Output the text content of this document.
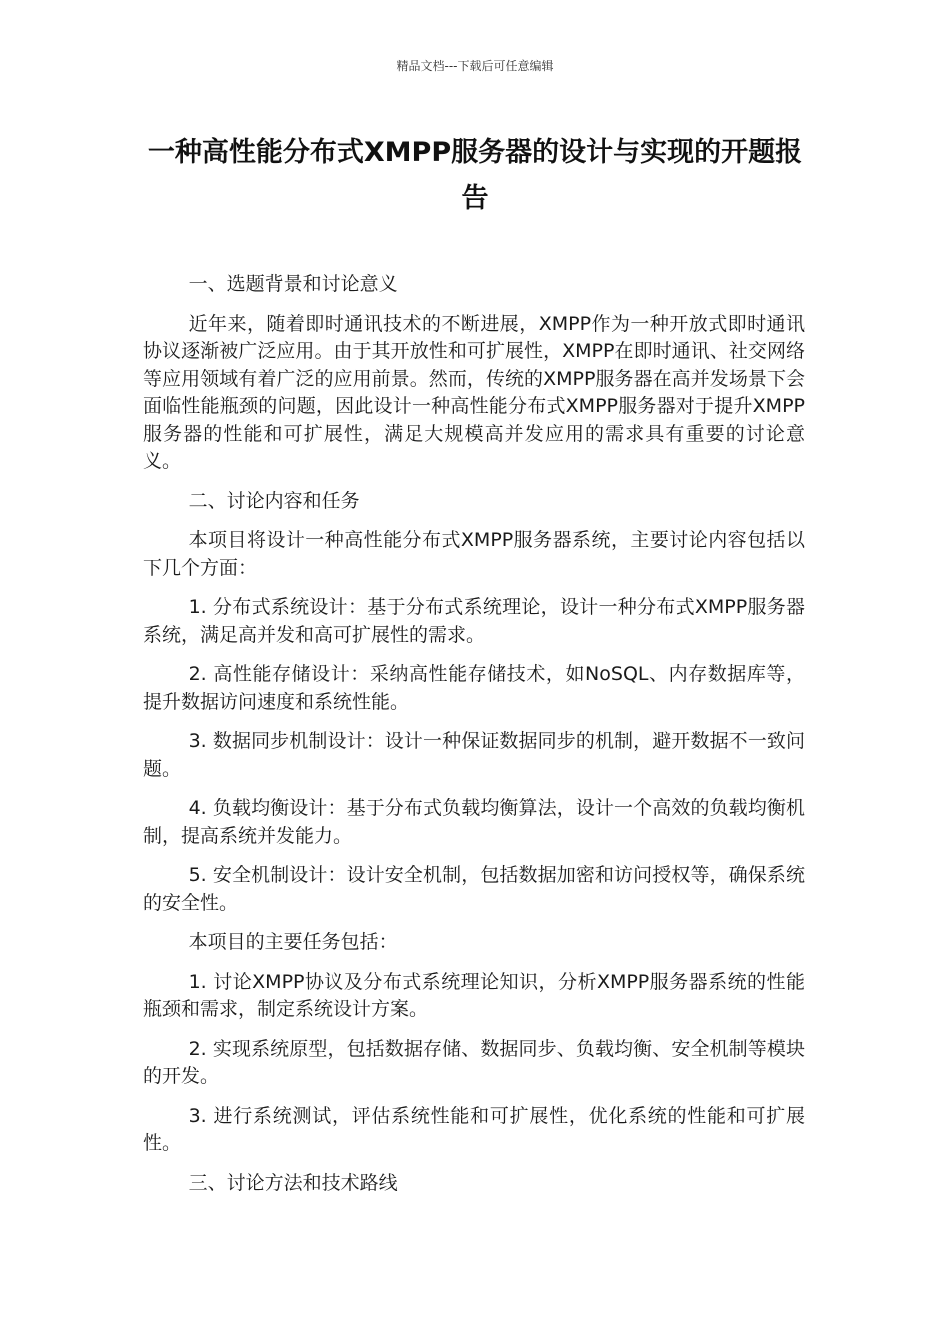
精品文档---下载后可任意编辑
一种高性能分布式XMPP服务器的设计与实现的开题报告

一、选题背景和讨论意义

近年来，随着即时通讯技术的不断进展，XMPP作为一种开放式即时通讯协议逐渐被广泛应用。由于其开放性和可扩展性，XMPP在即时通讯、社交网络等应用领域有着广泛的应用前景。然而，传统的XMPP服务器在高并发场景下会面临性能瓶颈的问题，因此设计一种高性能分布式XMPP服务器对于提升XMPP服务器的性能和可扩展性，满足大规模高并发应用的需求具有重要的讨论意义。

二、讨论内容和任务

本项目将设计一种高性能分布式XMPP服务器系统，主要讨论内容包括以下几个方面：

1. 分布式系统设计：基于分布式系统理论，设计一种分布式XMPP服务器系统，满足高并发和高可扩展性的需求。

2. 高性能存储设计：采纳高性能存储技术，如NoSQL、内存数据库等，提升数据访问速度和系统性能。

3. 数据同步机制设计：设计一种保证数据同步的机制，避开数据不一致问题。

4. 负载均衡设计：基于分布式负载均衡算法，设计一个高效的负载均衡机制，提高系统并发能力。

5. 安全机制设计：设计安全机制，包括数据加密和访问授权等，确保系统的安全性。

本项目的主要任务包括：

1. 讨论XMPP协议及分布式系统理论知识，分析XMPP服务器系统的性能瓶颈和需求，制定系统设计方案。

2. 实现系统原型，包括数据存储、数据同步、负载均衡、安全机制等模块的开发。

3. 进行系统测试，评估系统性能和可扩展性，优化系统的性能和可扩展性。

三、讨论方法和技术路线
